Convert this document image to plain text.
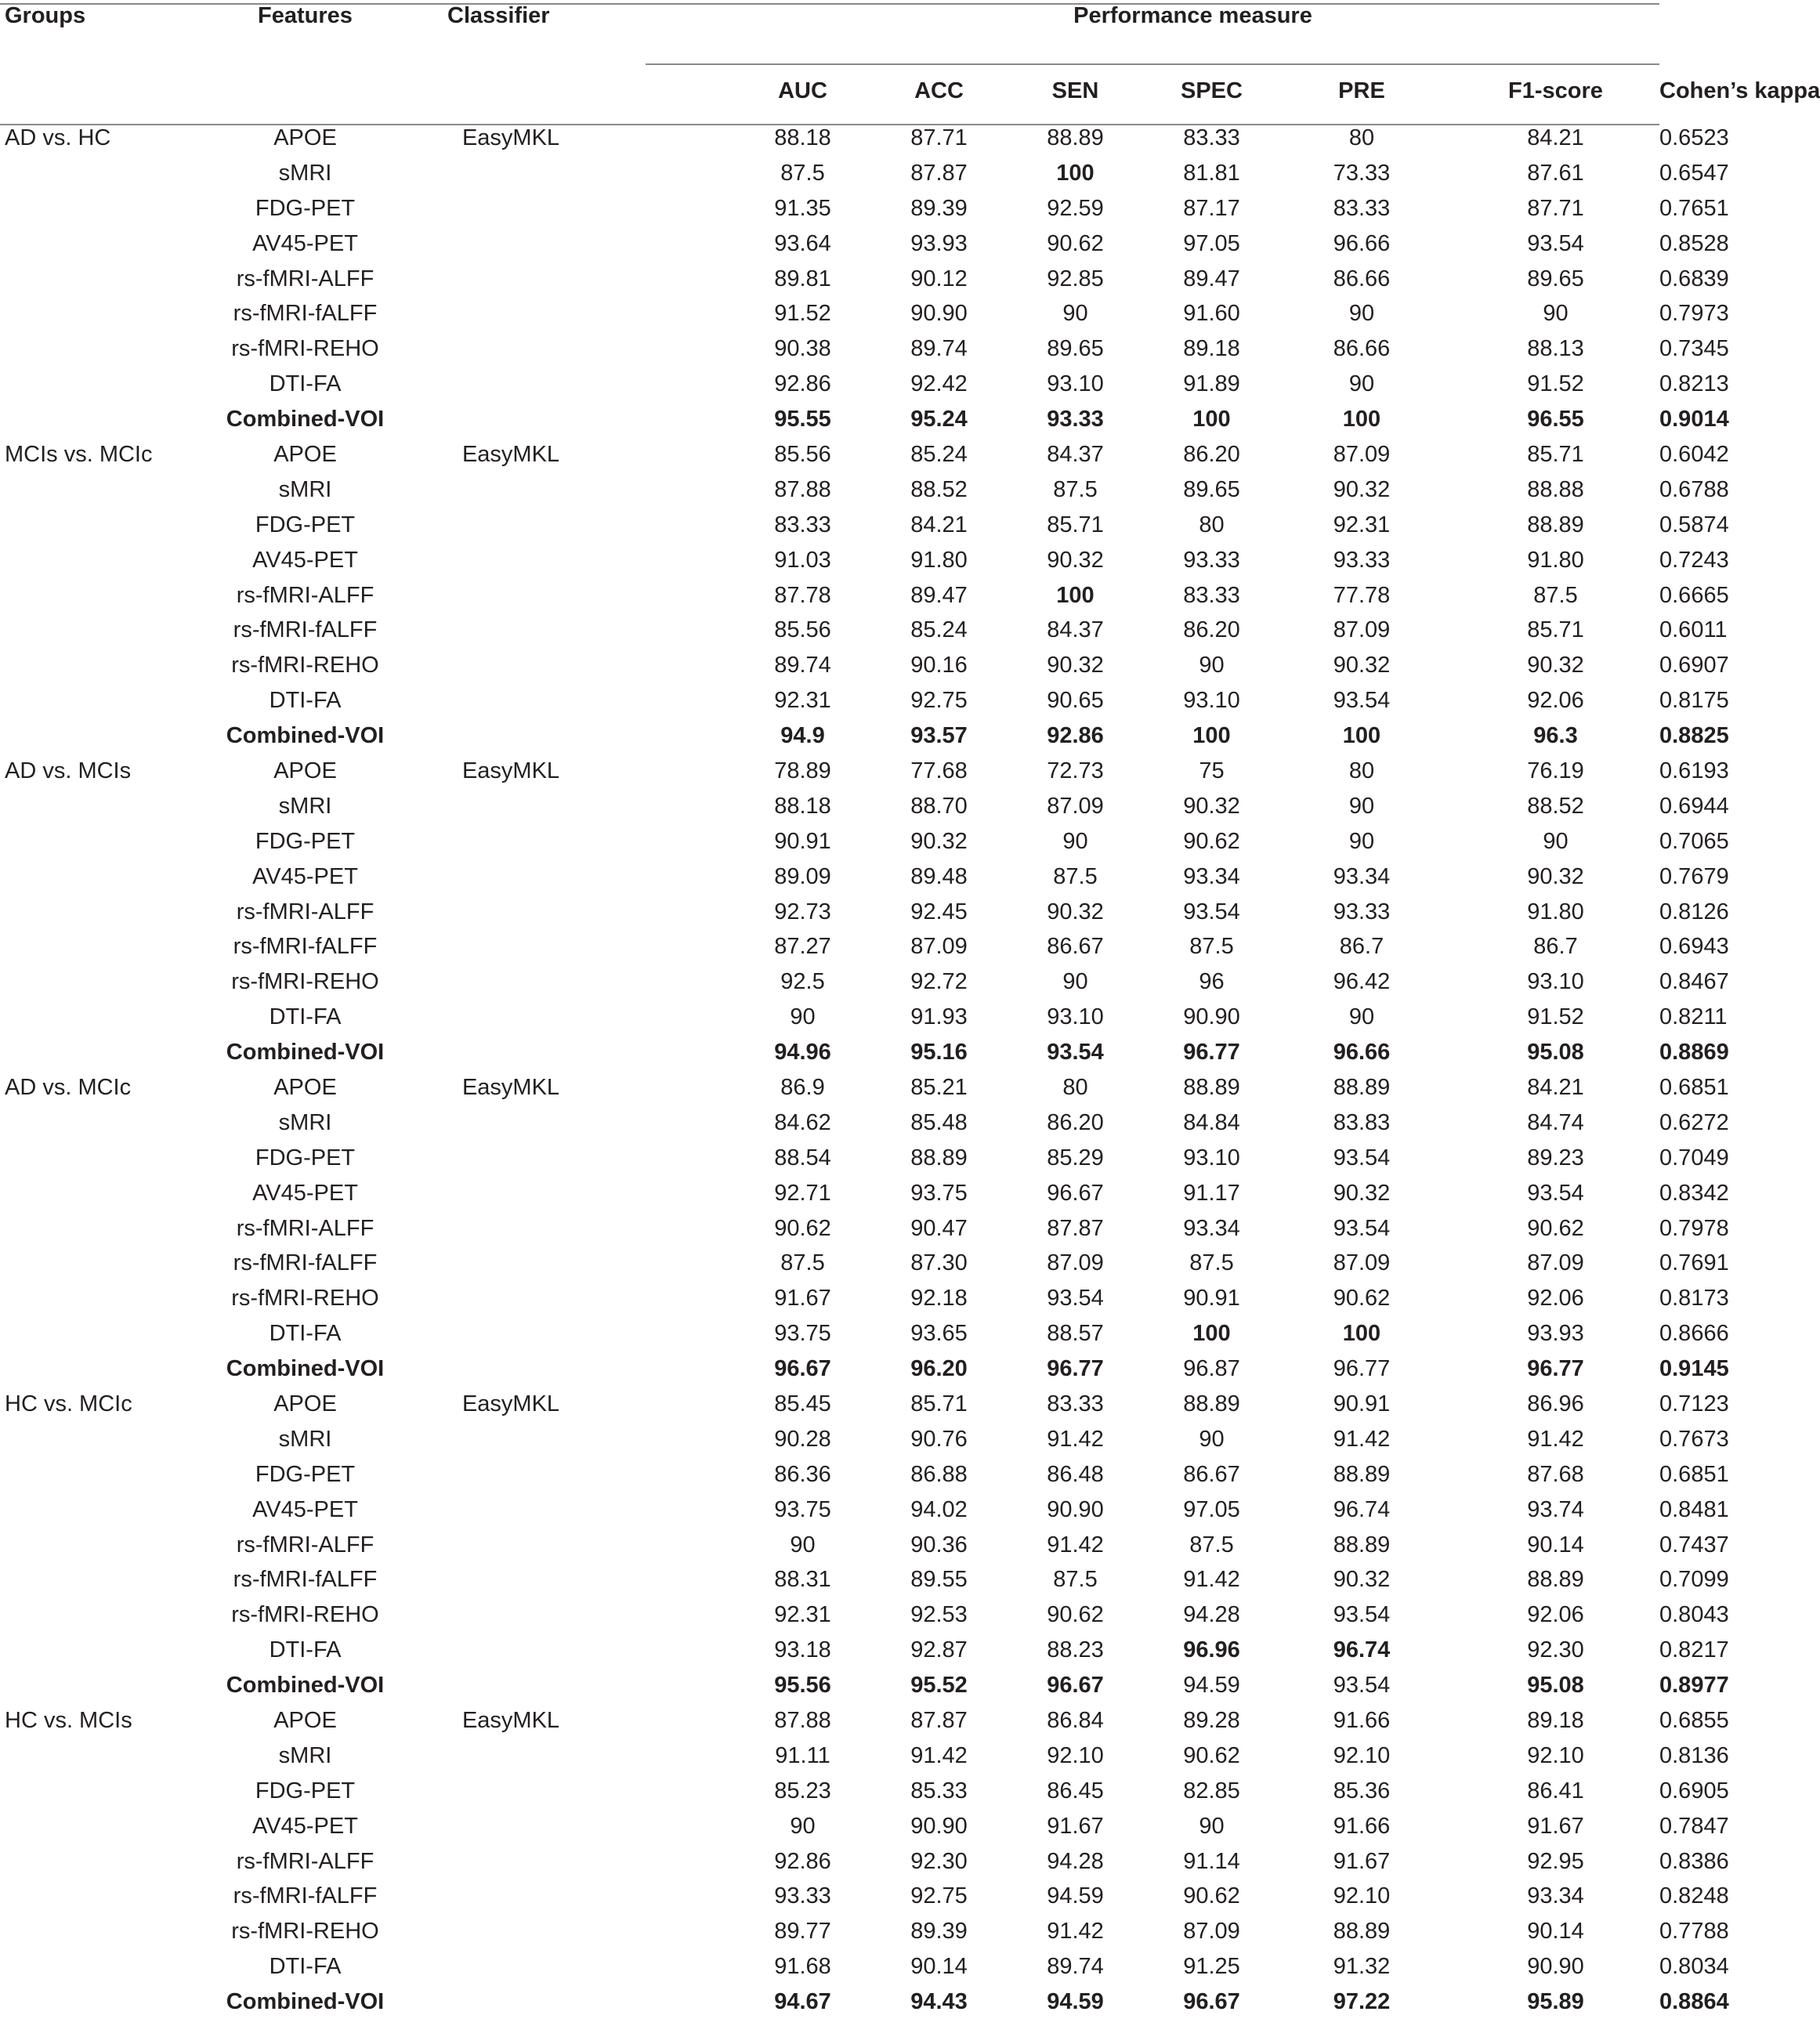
Groups	Features	Classifier		Performance measure						
				AUC	ACC	SEN	SPEC	PRE	F1-score	Cohen’s kappa
AD vs. HC	APOE	EasyMKL		88.18	87.71	88.89	83.33	80	84.21	0.6523
	sMRI			87.5	87.87	100	81.81	73.33	87.61	0.6547
	FDG-PET			91.35	89.39	92.59	87.17	83.33	87.71	0.7651
	AV45-PET			93.64	93.93	90.62	97.05	96.66	93.54	0.8528
	rs-fMRI-ALFF			89.81	90.12	92.85	89.47	86.66	89.65	0.6839
	rs-fMRI-fALFF			91.52	90.90	90	91.60	90	90	0.7973
	rs-fMRI-REHO			90.38	89.74	89.65	89.18	86.66	88.13	0.7345
	DTI-FA			92.86	92.42	93.10	91.89	90	91.52	0.8213
	Combined-VOI			95.55	95.24	93.33	100	100	96.55	0.9014
MCIs vs. MCIc	APOE	EasyMKL		85.56	85.24	84.37	86.20	87.09	85.71	0.6042
	sMRI			87.88	88.52	87.5	89.65	90.32	88.88	0.6788
	FDG-PET			83.33	84.21	85.71	80	92.31	88.89	0.5874
	AV45-PET			91.03	91.80	90.32	93.33	93.33	91.80	0.7243
	rs-fMRI-ALFF			87.78	89.47	100	83.33	77.78	87.5	0.6665
	rs-fMRI-fALFF			85.56	85.24	84.37	86.20	87.09	85.71	0.6011
	rs-fMRI-REHO			89.74	90.16	90.32	90	90.32	90.32	0.6907
	DTI-FA			92.31	92.75	90.65	93.10	93.54	92.06	0.8175
	Combined-VOI			94.9	93.57	92.86	100	100	96.3	0.8825
AD vs. MCIs	APOE	EasyMKL		78.89	77.68	72.73	75	80	76.19	0.6193
	sMRI			88.18	88.70	87.09	90.32	90	88.52	0.6944
	FDG-PET			90.91	90.32	90	90.62	90	90	0.7065
	AV45-PET			89.09	89.48	87.5	93.34	93.34	90.32	0.7679
	rs-fMRI-ALFF			92.73	92.45	90.32	93.54	93.33	91.80	0.8126
	rs-fMRI-fALFF			87.27	87.09	86.67	87.5	86.7	86.7	0.6943
	rs-fMRI-REHO			92.5	92.72	90	96	96.42	93.10	0.8467
	DTI-FA			90	91.93	93.10	90.90	90	91.52	0.8211
	Combined-VOI			94.96	95.16	93.54	96.77	96.66	95.08	0.8869
AD vs. MCIc	APOE	EasyMKL		86.9	85.21	80	88.89	88.89	84.21	0.6851
	sMRI			84.62	85.48	86.20	84.84	83.83	84.74	0.6272
	FDG-PET			88.54	88.89	85.29	93.10	93.54	89.23	0.7049
	AV45-PET			92.71	93.75	96.67	91.17	90.32	93.54	0.8342
	rs-fMRI-ALFF			90.62	90.47	87.87	93.34	93.54	90.62	0.7978
	rs-fMRI-fALFF			87.5	87.30	87.09	87.5	87.09	87.09	0.7691
	rs-fMRI-REHO			91.67	92.18	93.54	90.91	90.62	92.06	0.8173
	DTI-FA			93.75	93.65	88.57	100	100	93.93	0.8666
	Combined-VOI			96.67	96.20	96.77	96.87	96.77	96.77	0.9145
HC vs. MCIc	APOE	EasyMKL		85.45	85.71	83.33	88.89	90.91	86.96	0.7123
	sMRI			90.28	90.76	91.42	90	91.42	91.42	0.7673
	FDG-PET			86.36	86.88	86.48	86.67	88.89	87.68	0.6851
	AV45-PET			93.75	94.02	90.90	97.05	96.74	93.74	0.8481
	rs-fMRI-ALFF			90	90.36	91.42	87.5	88.89	90.14	0.7437
	rs-fMRI-fALFF			88.31	89.55	87.5	91.42	90.32	88.89	0.7099
	rs-fMRI-REHO			92.31	92.53	90.62	94.28	93.54	92.06	0.8043
	DTI-FA			93.18	92.87	88.23	96.96	96.74	92.30	0.8217
	Combined-VOI			95.56	95.52	96.67	94.59	93.54	95.08	0.8977
HC vs. MCIs	APOE	EasyMKL		87.88	87.87	86.84	89.28	91.66	89.18	0.6855
	sMRI			91.11	91.42	92.10	90.62	92.10	92.10	0.8136
	FDG-PET			85.23	85.33	86.45	82.85	85.36	86.41	0.6905
	AV45-PET			90	90.90	91.67	90	91.66	91.67	0.7847
	rs-fMRI-ALFF			92.86	92.30	94.28	91.14	91.67	92.95	0.8386
	rs-fMRI-fALFF			93.33	92.75	94.59	90.62	92.10	93.34	0.8248
	rs-fMRI-REHO			89.77	89.39	91.42	87.09	88.89	90.14	0.7788
	DTI-FA			91.68	90.14	89.74	91.25	91.32	90.90	0.8034
	Combined-VOI			94.67	94.43	94.59	96.67	97.22	95.89	0.8864
